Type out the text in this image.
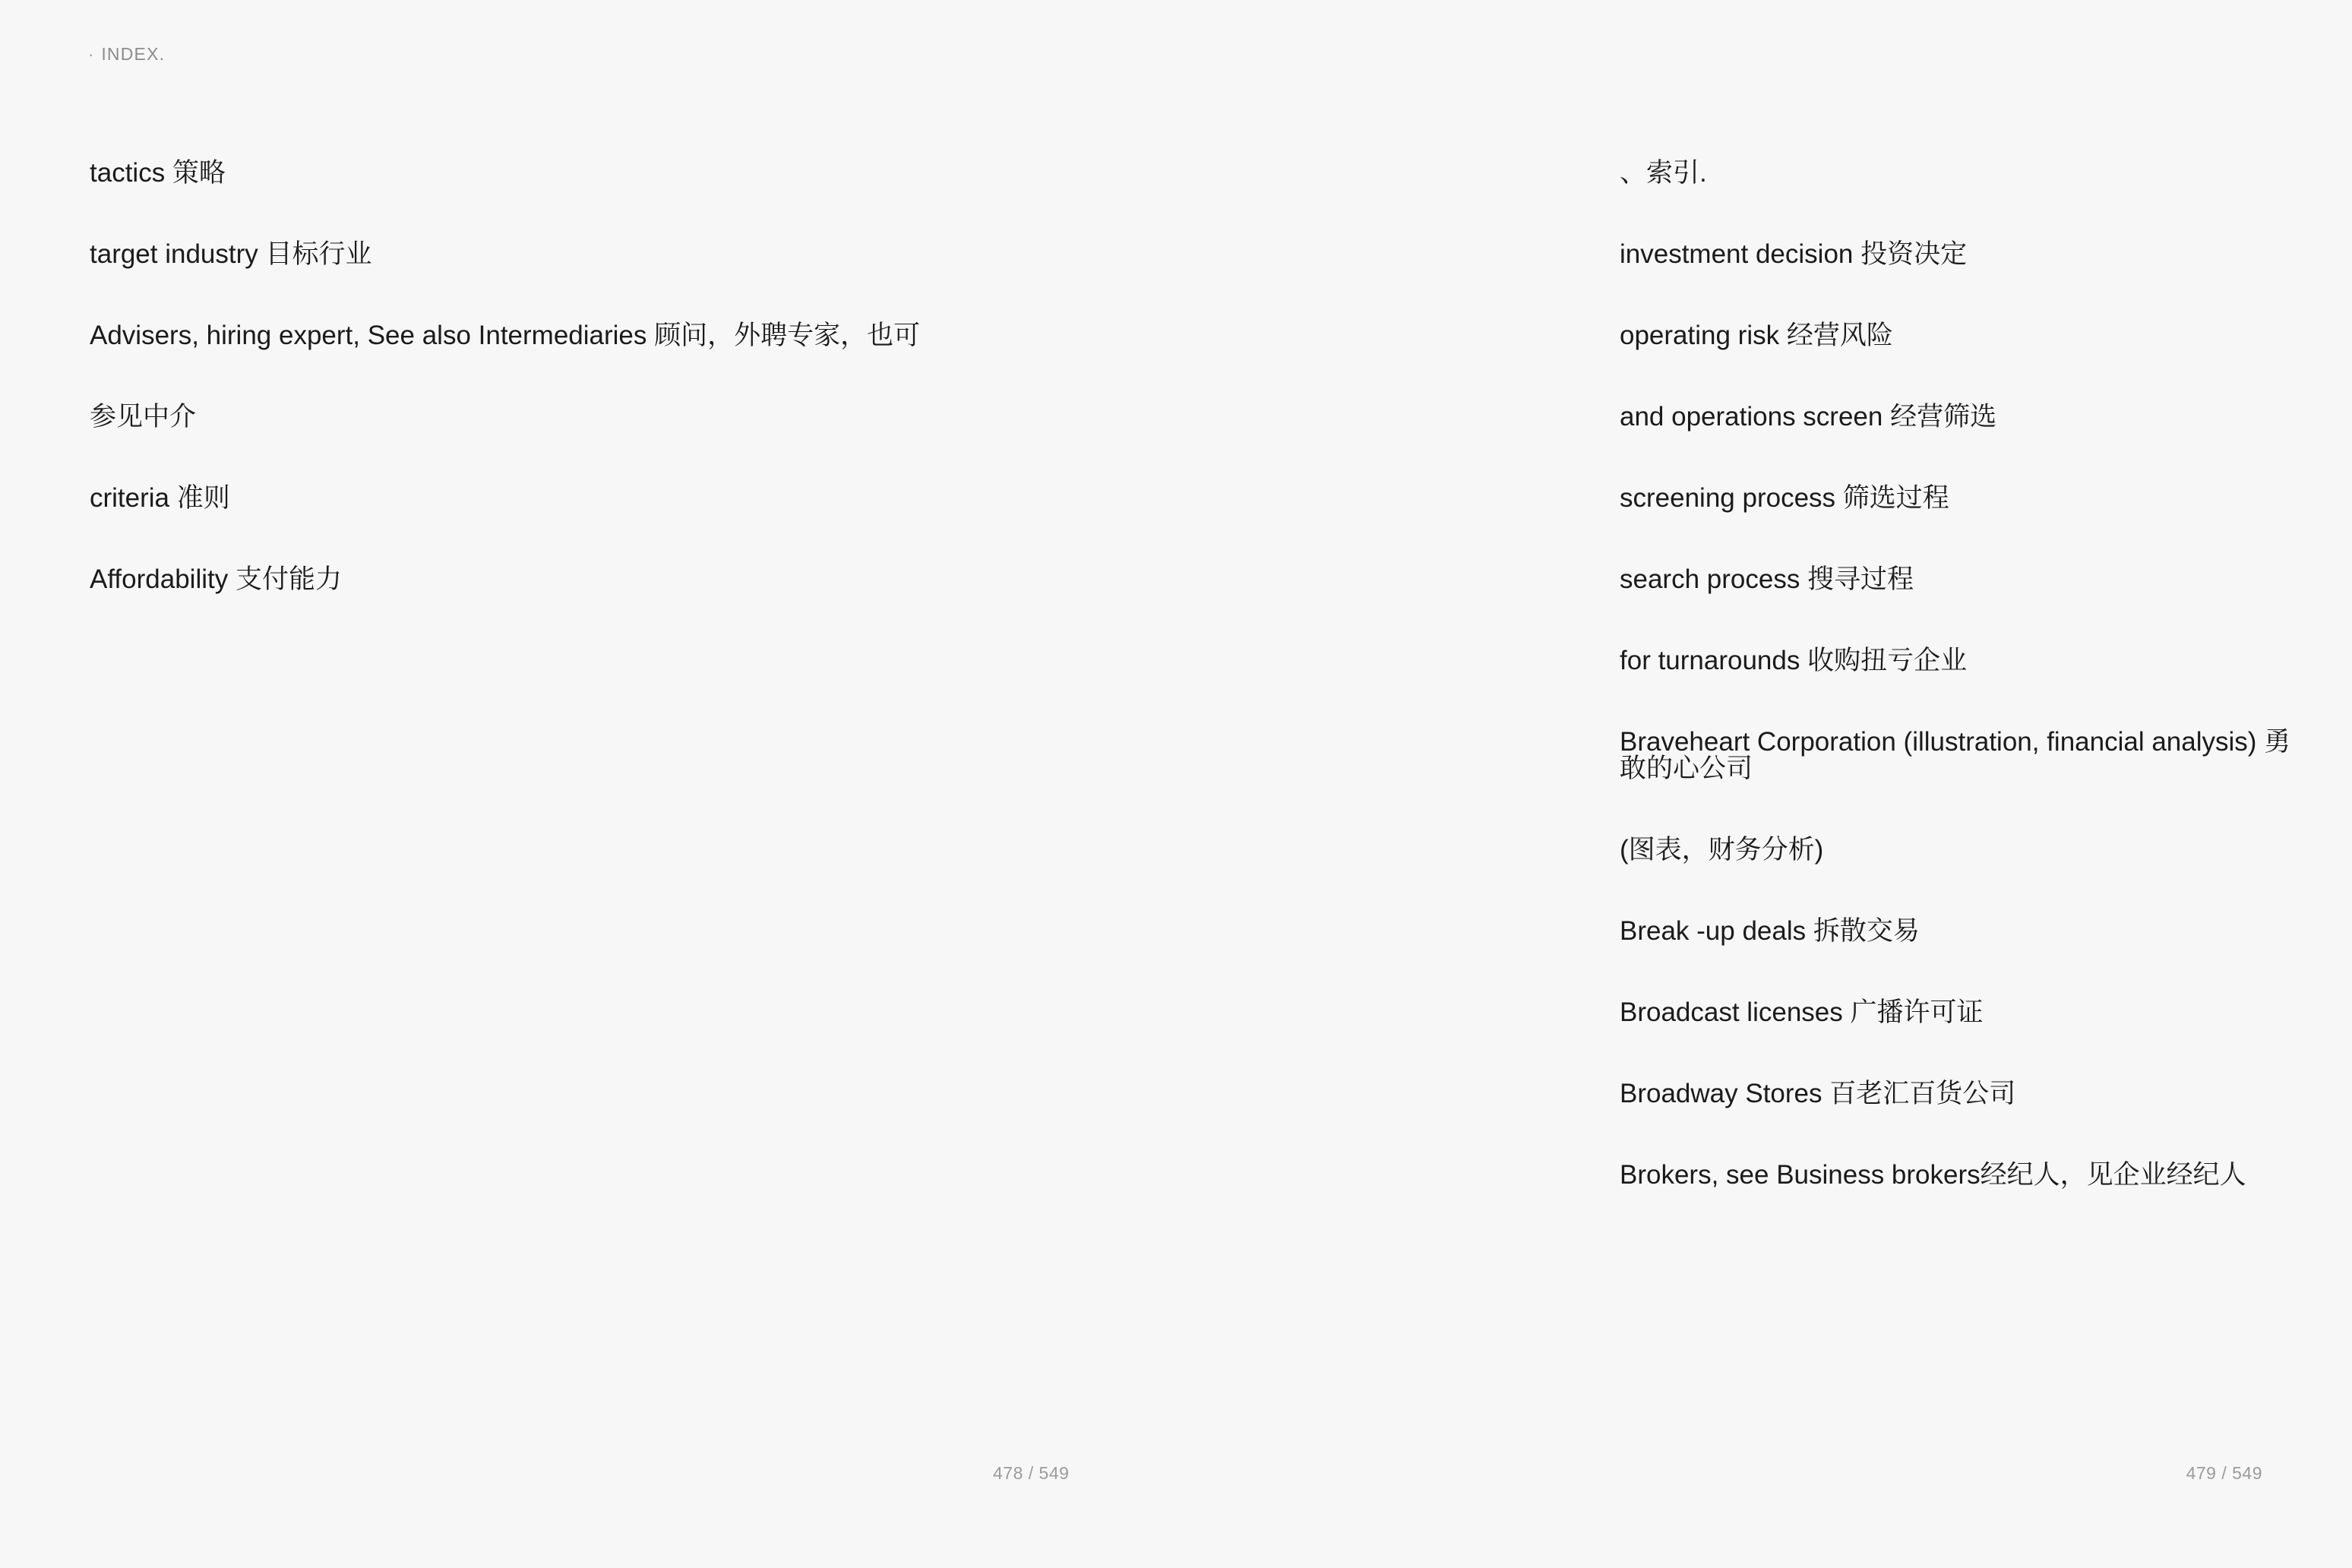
· INDEX.
tactics 策略
target industry 目标行业
Advisers, hiring expert, See also Intermediaries 顾问，外聘专家，也可
参见中介
criteria 准则
Affordability 支付能力
、索引.
investment decision 投资决定
operating risk 经营风险
and operations screen 经营筛选
screening process 筛选过程
search process 搜寻过程
for turnarounds 收购扭亏企业
Braveheart Corporation (illustration, financial analysis) 勇敢的心公司
(图表，财务分析)
Break -up deals 拆散交易
Broadcast licenses 广播许可证
Broadway Stores 百老汇百货公司
Brokers, see Business brokers经纪人，见企业经纪人
478 / 549	479 / 549
